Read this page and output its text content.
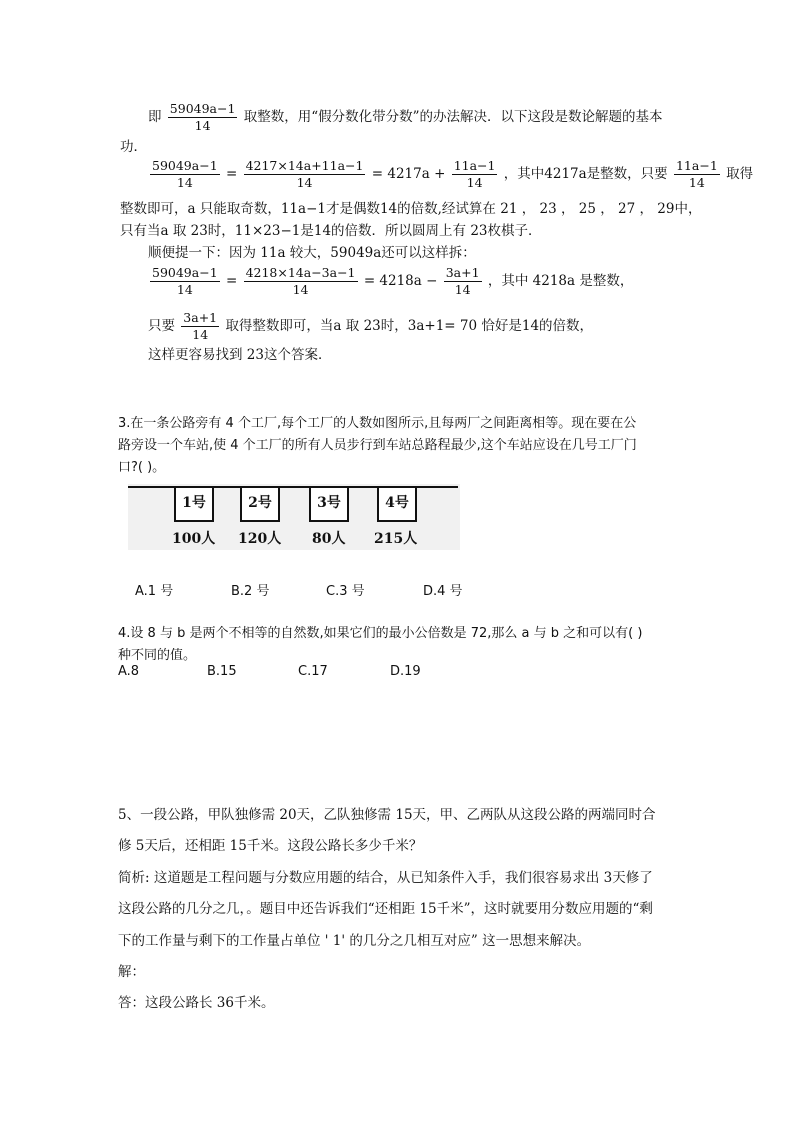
即 $\frac{59049a-1}{14}$ 取整数，用“假分数化带分数”的办法解决．以下这段是数论解题的基本
功．
$\frac{59049a-1}{14} = \frac{4217\times 14a+11a-1}{14} = 4217a + \frac{11a-1}{14}$ ，其中4217a是整数，只要 $\frac{11a-1}{14}$ 取得
整数即可，a 只能取奇数，11a−1才是偶数14的倍数,经试算在 21 ， 23 ， 25 ， 27 ， 29中，
只有当a 取 23时，11×23−1是14的倍数．所以圆周上有 23枚棋子．
顺便提一下：因为 11a 较大，59049a还可以这样拆：
$\frac{59049a-1}{14} = \frac{4218\times 14a-3a-1}{14} = 4218a - \frac{3a+1}{14}$ ，其中 4218a 是整数，
只要 $\frac{3a+1}{14}$ 取得整数即可，当a 取 23时，3a+1= 70 恰好是14的倍数，
这样更容易找到 23这个答案．
3.在一条公路旁有 4 个工厂,每个工厂的人数如图所示,且每两厂之间距离相等。现在要在公
路旁设一个车站,使 4 个工厂的所有人员步行到车站总路程最少,这个车站应设在几号工厂门
口?( )。
1号	2号	3号	4号
100人 120人 80人 215人
A.1 号	B.2 号	C.3 号	D.4 号
4.设 8 与 b 是两个不相等的自然数,如果它们的最小公倍数是 72,那么 a 与 b 之和可以有( )
种不同的值。
A.8	B.15	C.17	D.19
5、一段公路，甲队独修需 20天，乙队独修需 15天，甲、乙两队从这段公路的两端同时合
修 5天后，还相距 15千米。这段公路长多少千米？
简析: 这道题是工程问题与分数应用题的结合，从已知条件入手，我们很容易求出 3天修了
这段公路的几分之几，。题目中还告诉我们“还相距 15千米”，这时就要用分数应用题的“剩
下的工作量与剩下的工作量占单位 ' 1' 的几分之几相互对应” 这一思想来解决。
解：
答：这段公路长 36千米。
